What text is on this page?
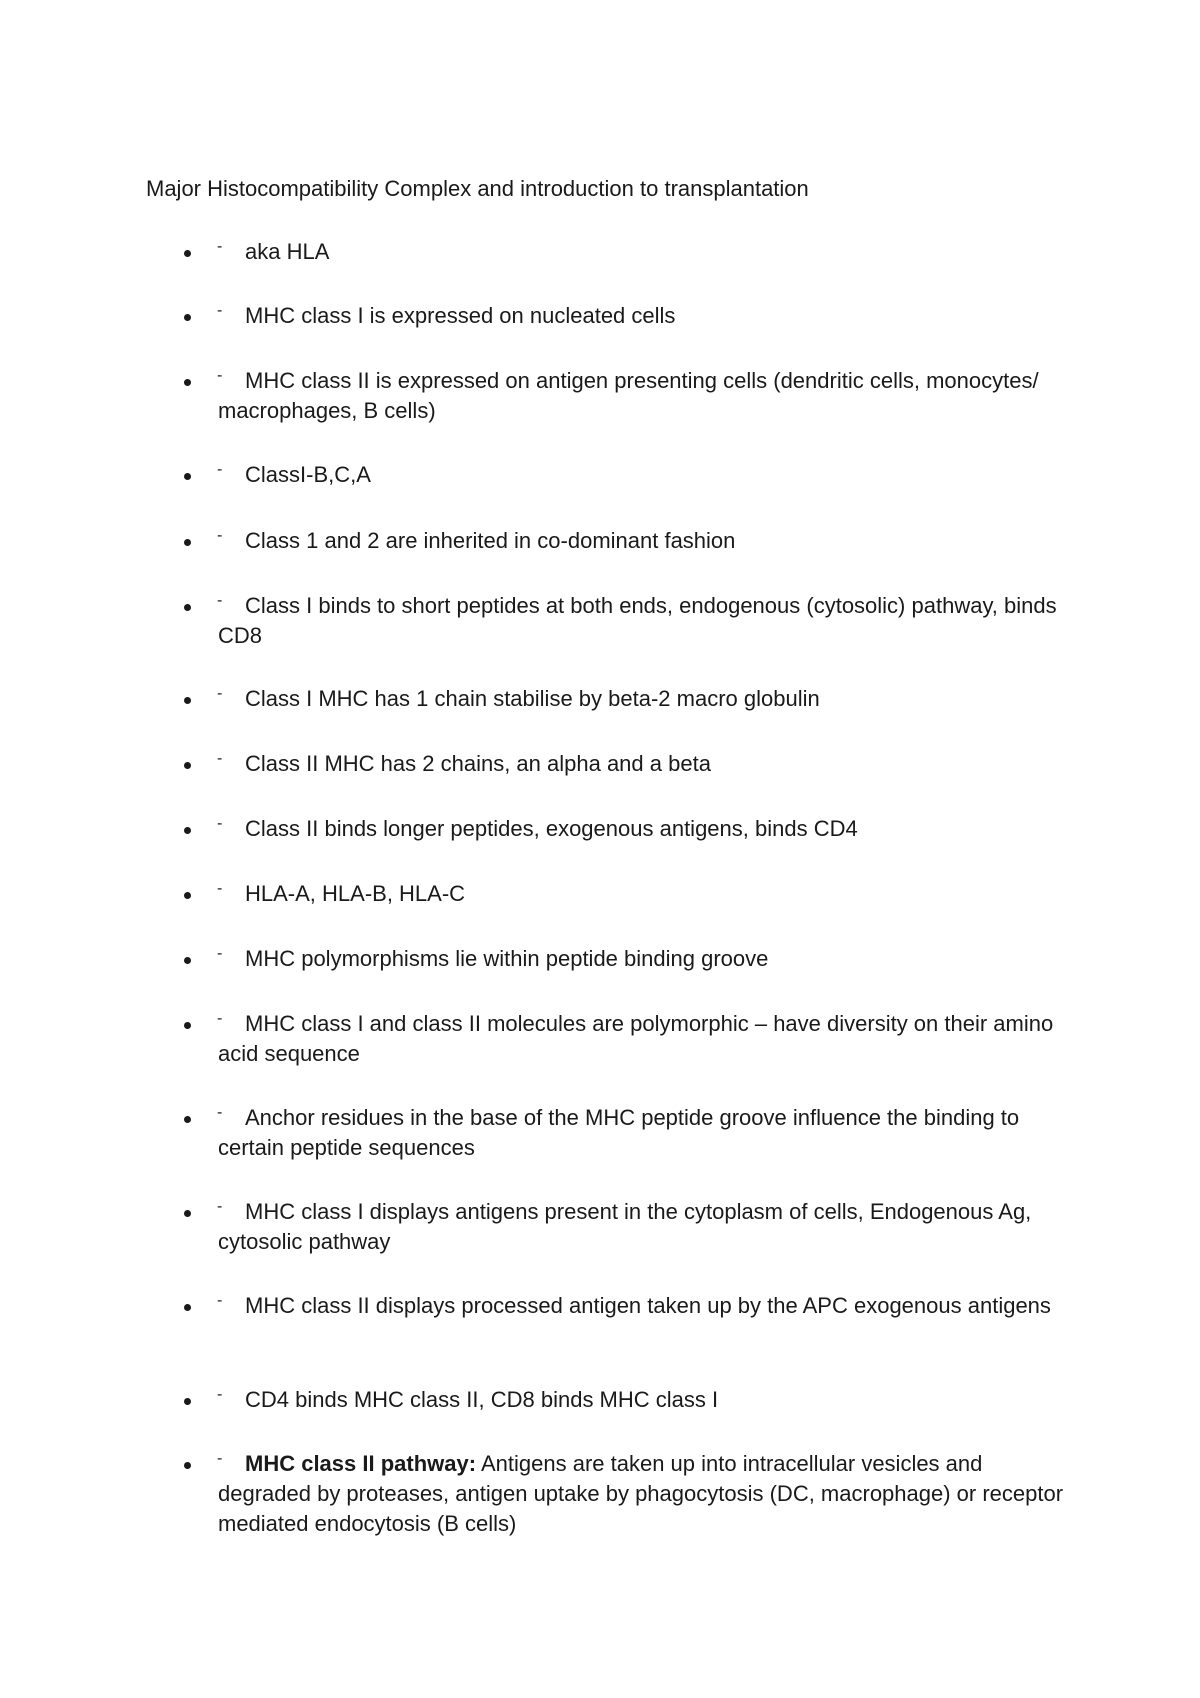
Major Histocompatibility Complex and introduction to transplantation
-	aka HLA
-	MHC class I is expressed on nucleated cells
-	MHC class II is expressed on antigen presenting cells (dendritic cells, monocytes/ macrophages, B cells)
-	ClassI-B,C,A
-	Class 1 and 2 are inherited in co-dominant fashion
-	Class I binds to short peptides at both ends, endogenous (cytosolic) pathway, binds CD8
-	Class I MHC has 1 chain stabilise by beta-2 macro globulin
-	Class II MHC has 2 chains, an alpha and a beta
-	Class II binds longer peptides, exogenous antigens, binds CD4
-	HLA-A, HLA-B, HLA-C
-	MHC polymorphisms lie within peptide binding groove
-	MHC class I and class II molecules are polymorphic – have diversity on their amino acid sequence
-	Anchor residues in the base of the MHC peptide groove influence the binding to certain peptide sequences
-	MHC class I displays antigens present in the cytoplasm of cells, Endogenous Ag, cytosolic pathway
-	MHC class II displays processed antigen taken up by the APC exogenous antigens
-	CD4 binds MHC class II, CD8 binds MHC class I
-	MHC class II pathway: Antigens are taken up into intracellular vesicles and degraded by proteases, antigen uptake by phagocytosis (DC, macrophage) or receptor mediated endocytosis (B cells)
